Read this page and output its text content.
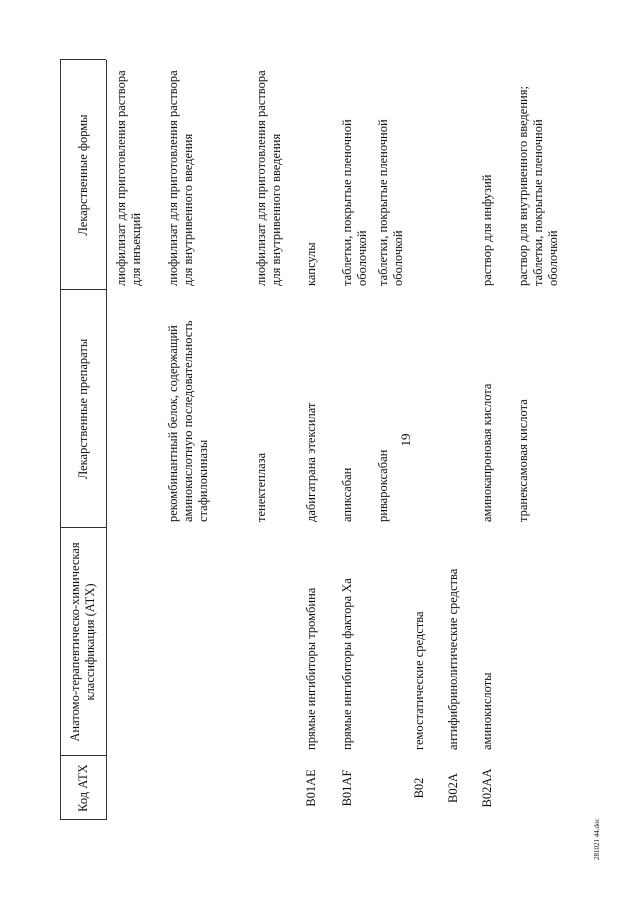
19
Код АТХ
Анатомо-терапевтическо-химическая классификация (АТХ)
Лекарственные препараты
Лекарственные формы	лиофилизат для приготовления раствора для инъекций
рекомбинантный белок, содержащий аминокислотную последовательность стафилокиназы
лиофилизат для приготовления раствора для внутривенного введения
тенектеплаза
лиофилизат для приготовления раствора для внутривенного введения
B01AE
прямые ингибиторы тромбина
дабигатрана этексилат
капсулы
B01AF
прямые ингибиторы фактора Xa
апиксабан
таблетки, покрытые пленочной оболочкой
ривароксабан
таблетки, покрытые пленочной оболочкой
B02
гемостатические средства
B02A
антифибринолитические средства
B02AA
аминокислоты
аминокапроновая кислота
раствор для инфузий
транексамовая кислота
раствор для внутривенного введения; таблетки, покрытые пленочной оболочкой
281021 44.doc
